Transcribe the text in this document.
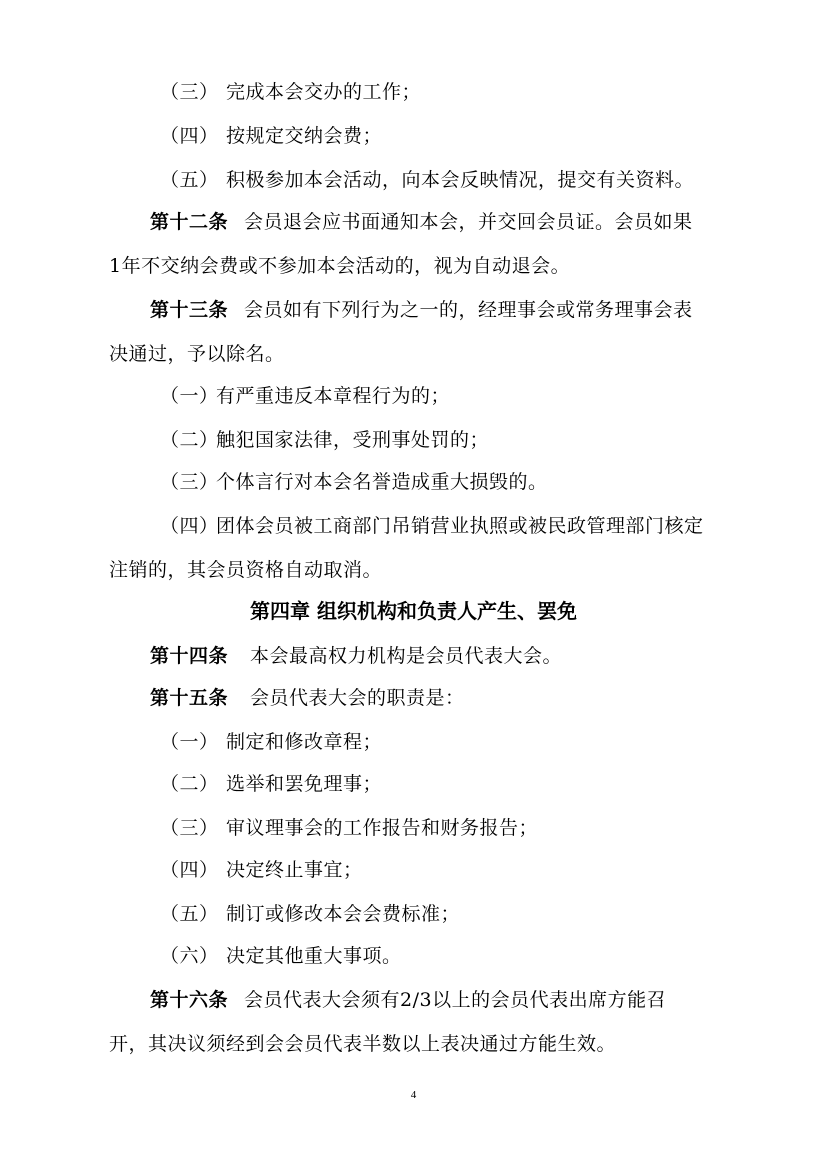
（三） 完成本会交办的工作；
（四） 按规定交纳会费；
（五） 积极参加本会活动，向本会反映情况，提交有关资料。
第十二条 会员退会应书面通知本会，并交回会员证。会员如果
1年不交纳会费或不参加本会活动的，视为自动退会。
第十三条 会员如有下列行为之一的，经理事会或常务理事会表
决通过，予以除名。
（一）有严重违反本章程行为的；
（二）触犯国家法律，受刑事处罚的；
（三）个体言行对本会名誉造成重大损毁的。
（四）团体会员被工商部门吊销营业执照或被民政管理部门核定
注销的，其会员资格自动取消。
第四章 组织机构和负责人产生、罢免
第十四条 本会最高权力机构是会员代表大会。
第十五条 会员代表大会的职责是：
（一） 制定和修改章程；
（二） 选举和罢免理事；
（三） 审议理事会的工作报告和财务报告；
（四） 决定终止事宜；
（五） 制订或修改本会会费标准；
（六） 决定其他重大事项。
第十六条 会员代表大会须有2/3以上的会员代表出席方能召
开，其决议须经到会会员代表半数以上表决通过方能生效。
4
